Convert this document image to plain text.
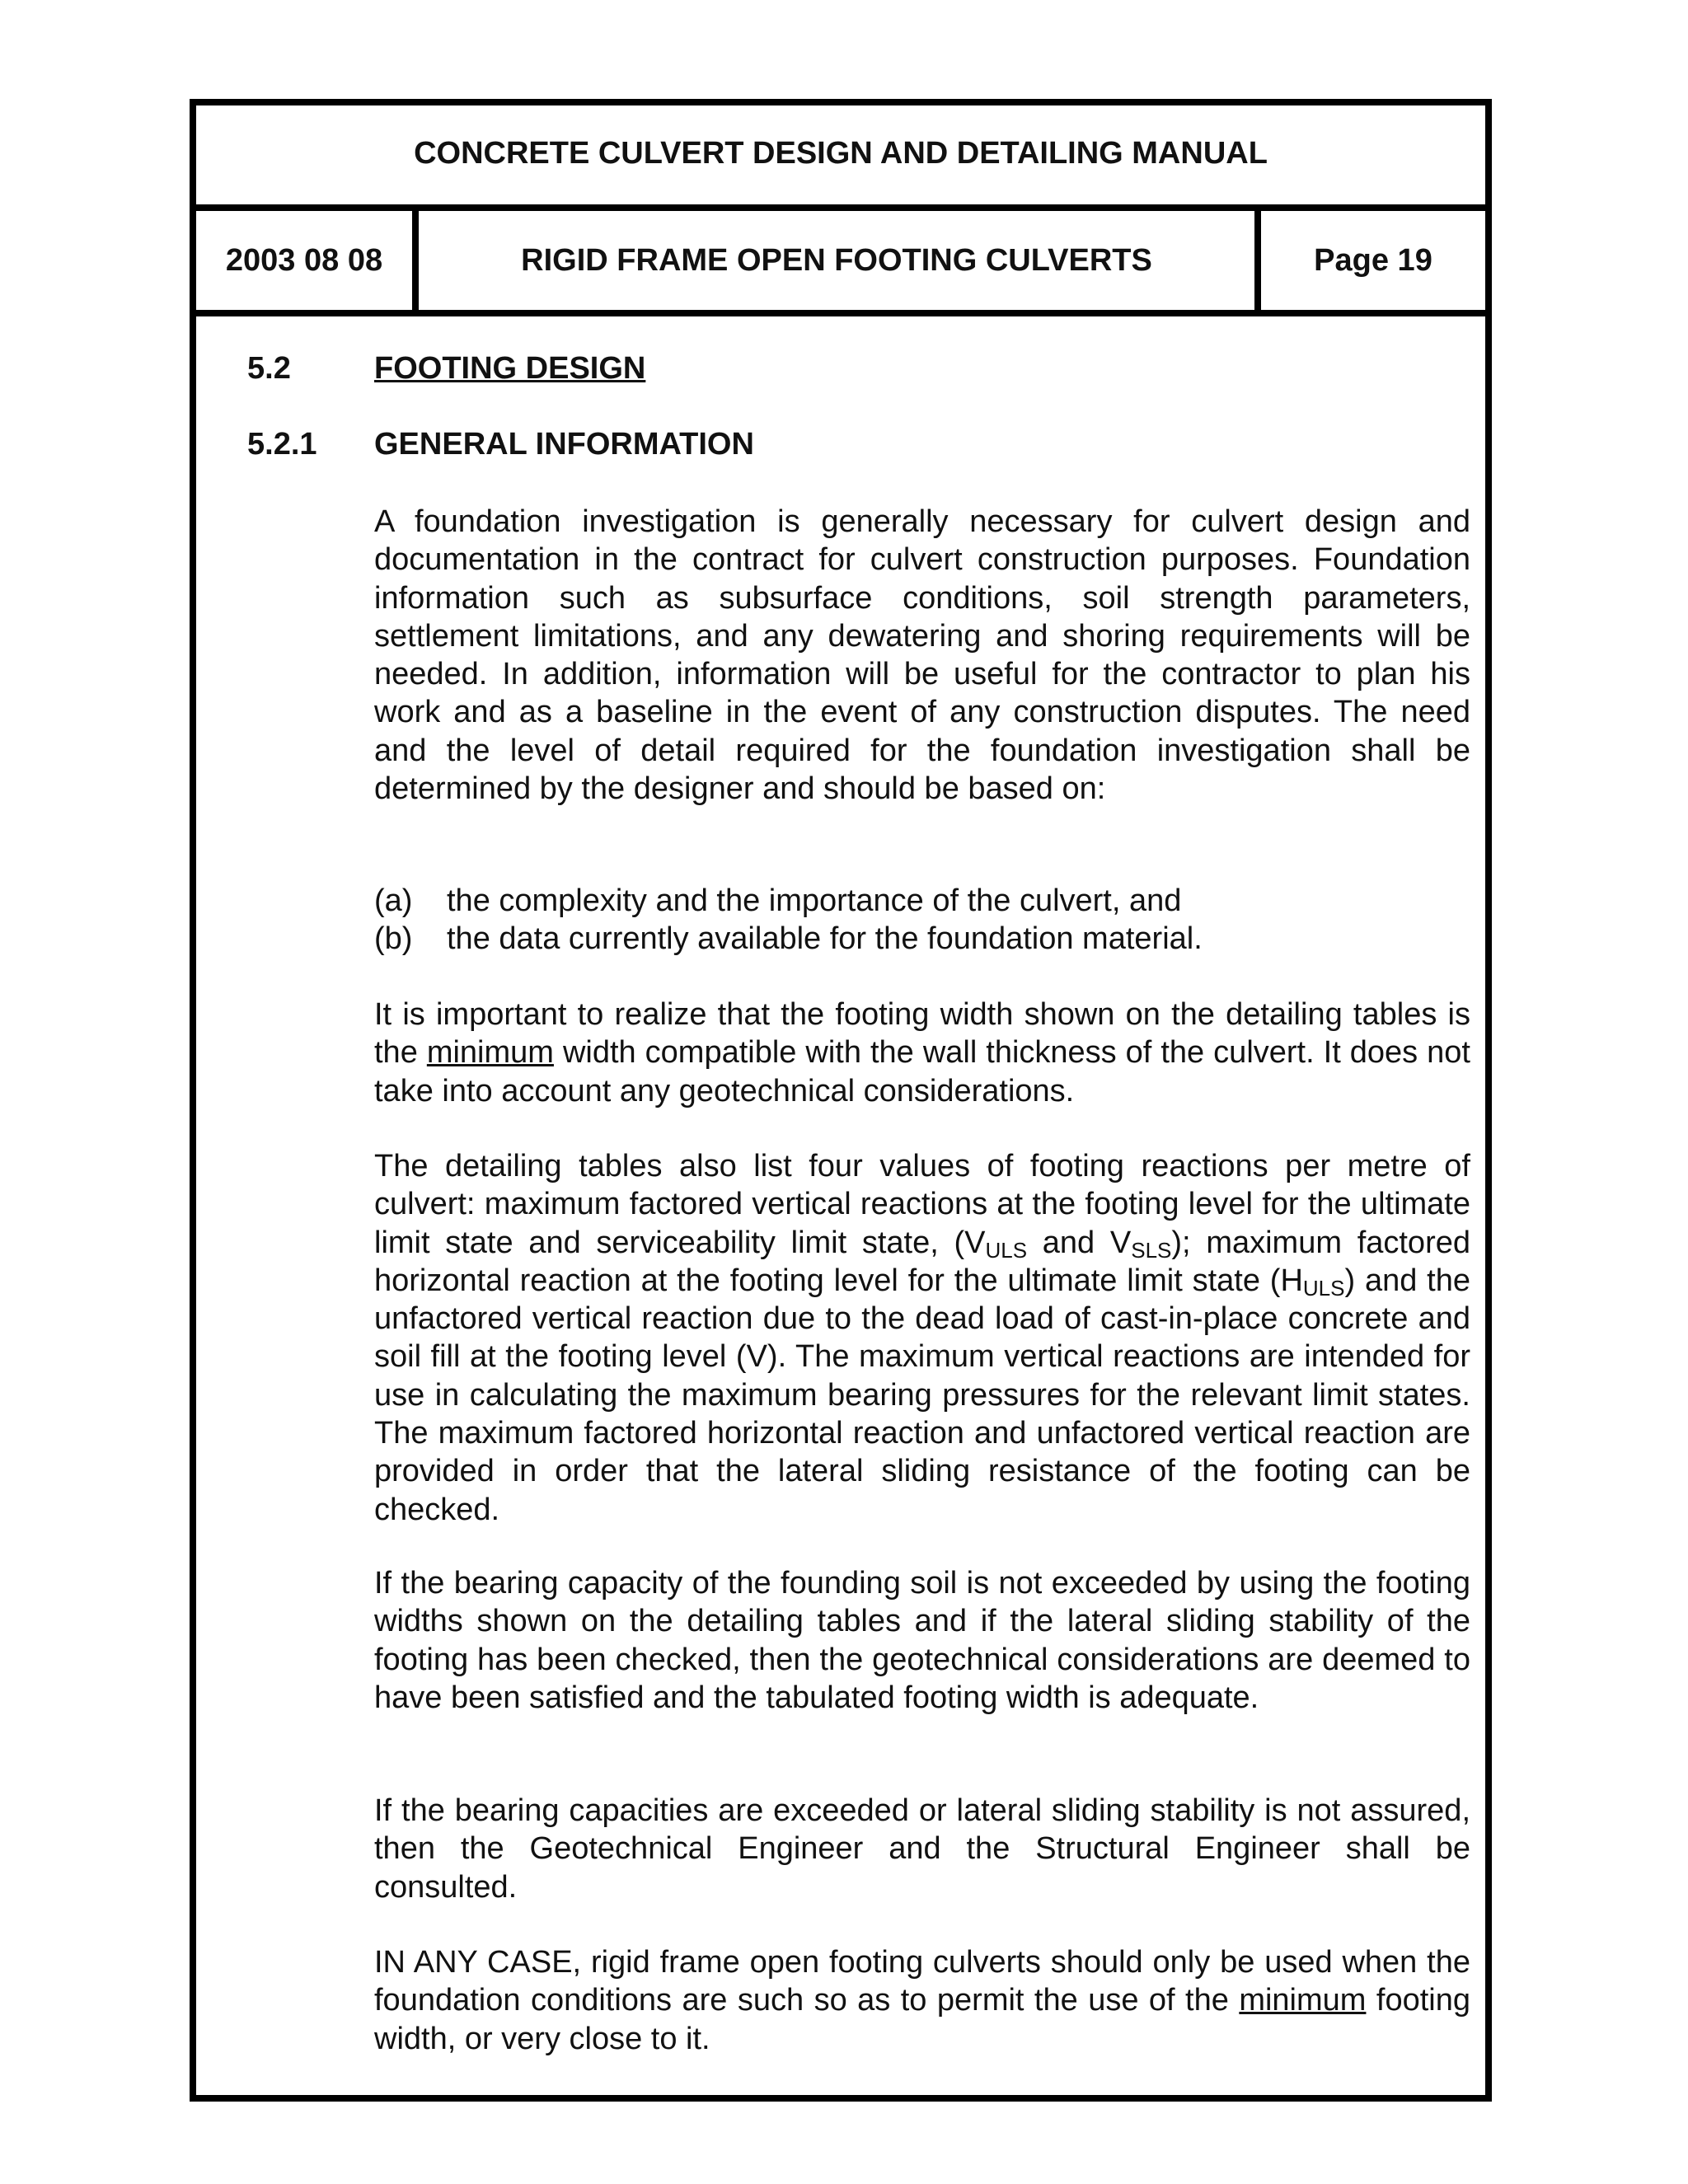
CONCRETE CULVERT DESIGN AND DETAILING MANUAL
2003 08 08	RIGID FRAME OPEN FOOTING CULVERTS	Page 19
5.2	FOOTING DESIGN
5.2.1 GENERAL INFORMATION

A foundation investigation is generally necessary for culvert design and documentation in the contract for culvert construction purposes. Foundation information such as subsurface conditions, soil strength parameters, settlement limitations, and any dewatering and shoring requirements will be needed. In addition, information will be useful for the contractor to plan his work and as a baseline in the event of any construction disputes. The need and the level of detail required for the foundation investigation shall be determined by the designer and should be based on:

(a) the complexity and the importance of the culvert, and
(b) the data currently available for the foundation material.

It is important to realize that the footing width shown on the detailing tables is the minimum width compatible with the wall thickness of the culvert. It does not take into account any geotechnical considerations.

The detailing tables also list four values of footing reactions per metre of culvert: maximum factored vertical reactions at the footing level for the ultimate limit state and serviceability limit state, ($V_{ULS}$ and $V_{SLS}$); maximum factored horizontal reaction at the footing level for the ultimate limit state $(H_{ULS})$ and the unfactored vertical reaction due to the dead load of cast-in-place concrete and soil fill at the footing level (V). The maximum vertical reactions are intended for use in calculating the maximum bearing pressures for the relevant limit states. The maximum factored horizontal reaction and unfactored vertical reaction are provided in order that the lateral sliding resistance of the footing can be checked.

If the bearing capacity of the founding soil is not exceeded by using the footing widths shown on the detailing tables and if the lateral sliding stability of the footing has been checked, then the geotechnical considerations are deemed to have been satisfied and the tabulated footing width is adequate.

If the bearing capacities are exceeded or lateral sliding stability is not assured, then the Geotechnical Engineer and the Structural Engineer shall be consulted.

IN ANY CASE, rigid frame open footing culverts should only be used when the foundation conditions are such so as to permit the use of the minimum footing width, or very close to it.
